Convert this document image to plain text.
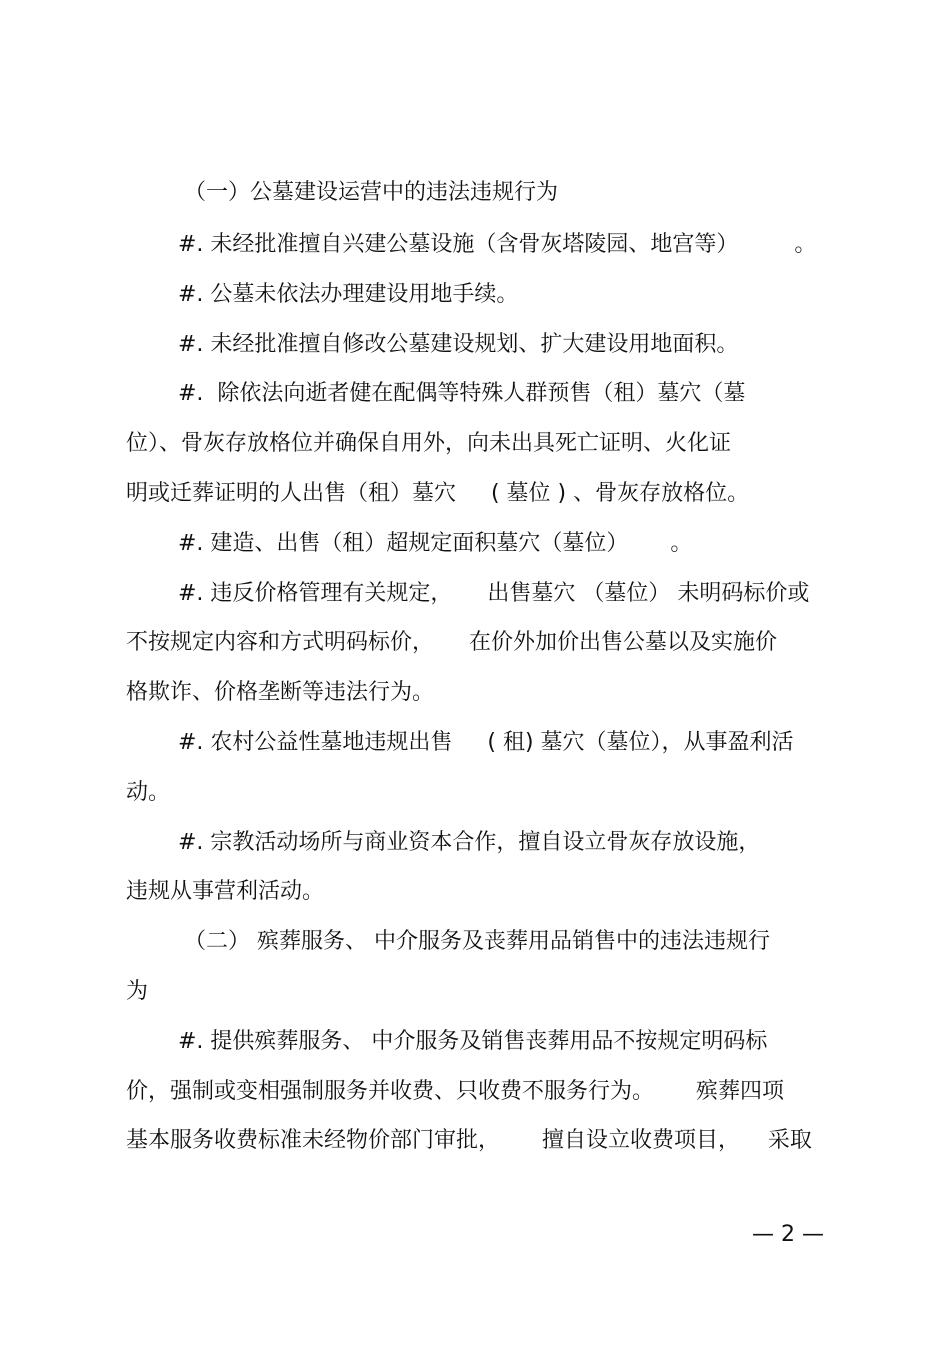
（一）公墓建设运营中的违法违规行为

#. 未经批准擅自兴建公墓设施（含骨灰塔陵园、地宫等）        。

#. 公墓未依法办理建设用地手续。

#. 未经批准擅自修改公墓建设规划、扩大建设用地面积。

#.  除依法向逝者健在配偶等特殊人群预售（租）墓穴（墓

位）、骨灰存放格位并确保自用外，向未出具死亡证明、火化证

明或迁葬证明的人出售（租）墓穴     ( 墓位 ) 、骨灰存放格位。

#. 建造、出售（租）超规定面积墓穴（墓位）      。

#. 违反价格管理有关规定，     出售墓穴 （墓位） 未明码标价或

不按规定内容和方式明码标价，     在价外加价出售公墓以及实施价

格欺诈、价格垄断等违法行为。

#. 农村公益性墓地违规出售     ( 租) 墓穴（墓位），从事盈利活

动。

#. 宗教活动场所与商业资本合作，擅自设立骨灰存放设施，

违规从事营利活动。

（二） 殡葬服务、 中介服务及丧葬用品销售中的违法违规行

为

#. 提供殡葬服务、 中介服务及销售丧葬用品不按规定明码标

价，强制或变相强制服务并收费、只收费不服务行为。      殡葬四项

基本服务收费标准未经物价部门审批，      擅自设立收费项目，    采取

— 2 —
